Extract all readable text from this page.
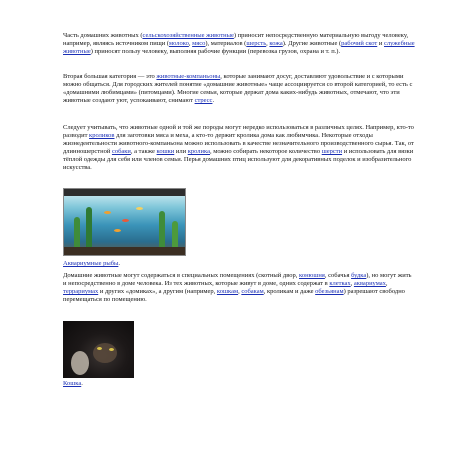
Часть домашних животных (сельскохозяйственные животные) приносит непосредственную материальную выгоду человеку, например, являясь источником пищи (молоко, мясо), материалов (шерсть, кожа). Другие животные (рабочий скот и служебные животные) приносят пользу человеку, выполняя рабочие функции (перевозка грузов, охрана и т. п.).

Вторая большая категория — это животные-компаньоны, которые занимают досуг, доставляют удовольствие и с которыми можно общаться. Для городских жителей понятие «домашние животные» чаще ассоциируется со второй категорией, то есть с «домашними любимцами» (питомцами). Многие семьи, которые держат дома каких-нибудь животных, отмечают, что эти животные создают уют, успокаивают, снимают стресс.

Следует учитывать, что животные одной и той же породы могут нередко использоваться в различных целях. Например, кто-то разводит кроликов для заготовки мяса и меха, а кто-то держит кролика дома как любимчика. Некоторые отходы жизнедеятельности животного-компаньона можно использовать в качестве незначительного производственного сырья. Так, от длинношерстной собаки, а также кошки или кролика, можно собирать некоторое количество шерсти и использовать для вязки тёплой одежды для себя или членов семьи. Перья домашних птиц используют для декоративных поделок и изобразительного искусства.

Аквариумные рыбы.

Домашние животные могут содержаться в специальных помещениях (скотный двор, конюшня, собачья будка), но могут жить и непосредственно в доме человека. Из тех животных, которые живут в доме, одних содержат в клетках, аквариумах, террариумах и других «домиках», а другим (например, кошкам, собакам, кроликам и даже обезьянам) разрешают свободно перемещаться по помещению.

Кошка.
